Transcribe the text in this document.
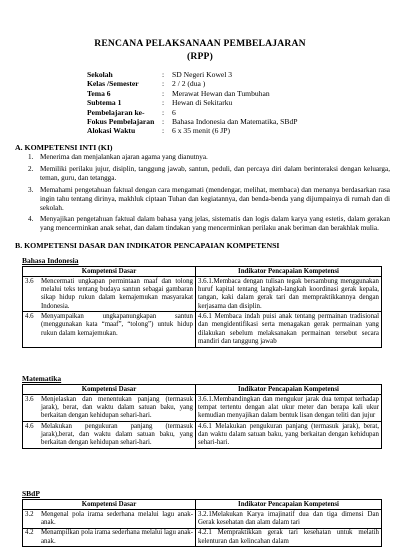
RENCANA PELAKSANAAN PEMBELAJARAN
(RPP)
Sekolah	:	SD Negeri Kowel 3
Kelas /Semester	:	2 / 2 (dua )
Tema 6	:	Merawat Hewan dan Tumbuhan
Subtema 1	:	Hewan di Sekitarku
Pembelajaran ke-	:	6
Fokus Pembelajaran	:	Bahasa Indonesia dan Matematika, SBdP
Alokasi Waktu	:	6 x 35 menit (6 JP)
A. KOMPETENSI INTI (KI)
1. Menerima dan menjalankan ajaran agama yang dianutnya.
2. Memiliki perilaku jujur, disiplin, tanggung jawab, santun, peduli, dan percaya diri dalam berinteraksi dengan keluarga, teman, guru, dan tetangga.
3. Memahami pengetahuan faktual dengan cara mengamati (mendengar, melihat, membaca) dan menanya berdasarkan rasa ingin tahu tentang dirinya, makhluk ciptaan Tuhan dan kegiatannya, dan benda-benda yang dijumpainya di rumah dan di sekolah.
4. Menyajikan pengetahuan faktual dalam bahasa yang jelas, sistematis dan logis dalam karya yang estetis, dalam gerakan yang mencerminkan anak sehat, dan dalam tindakan yang mencerminkan perilaku anak beriman dan berakhlak mulia.
B. KOMPETENSI DASAR DAN INDIKATOR PENCAPAIAN KOMPETENSI
Bahasa Indonesia
Kompetensi Dasar	Indikator Pencapaian Kompetensi

3.6 Mencermati ungkapan permintaan maaf dan tolong melalui teks tentang budaya santun sebagai gambaran sikap hidup rukun dalam kemajemukan masyarakat Indonesia.	3.6.1.Membaca dengan tulisan tegak bersambung menggunakan huruf kapital tentang langkah-langkah koordinasi gerak kepala, tangan, kaki dalam gerak tari dan mempraktikkannya dengan kerjasama dan disiplin.

4.6 Menyampaikan ungkapanungkapan santun (menggunakan kata “maaf”, “tolong”) untuk hidup rukun dalam kemajemukan.	4.6.1 Membaca indah puisi anak tentang permainan tradisional dan mengidentifikasi serta menagakan gerak permainan yang dilakukan sebelum melaksanakan permainan tersebut secara mandiri dan tanggung jawab
Matematika
Kompetensi Dasar	Indikator Pencapaian Kompetensi

3.6 Menjelaskan dan menentukan panjang (termasuk jarak), berat, dan waktu dalam satuan baku, yang berkaitan dengan kehidupan sehari-hari.	3.6.1.Membandingkan dan mengukur jarak dua tempat terhadap tempat tertentu dengan alat ukur meter dan berapa kali ukur kemudian menyajikan dalam bentuk lisan dengan teliti dan jujur

4.6 Melakukan pengukuran panjang (termasuk jarak),berat, dan waktu dalam satuan baku, yang berkaitan dengan kehidupan sehari-hari.	4.6.1 Melakukan pengukuran panjang (termasuk jarak), berat, dan waktu dalam satuan baku, yang berkaitan dengan kehidupan sehari-hari.
SBdP
Kompetensi Dasar	Indikator Pencapaian Kompetensi

3.2 Mengenal pola irama sederhana melalui lagu anak-anak.	3.2.1Melakukan Karya imajinatif dua dan tiga dimensi Dan Gerak kesehatan dan alam dalam tari

4.2 Menampilkan pola irama sederhana melalui lagu anak-anak.	4.2.1 Mempraktikkan gerak tari kesehatan untuk melatih kelenturan dan kelincahan dalam
